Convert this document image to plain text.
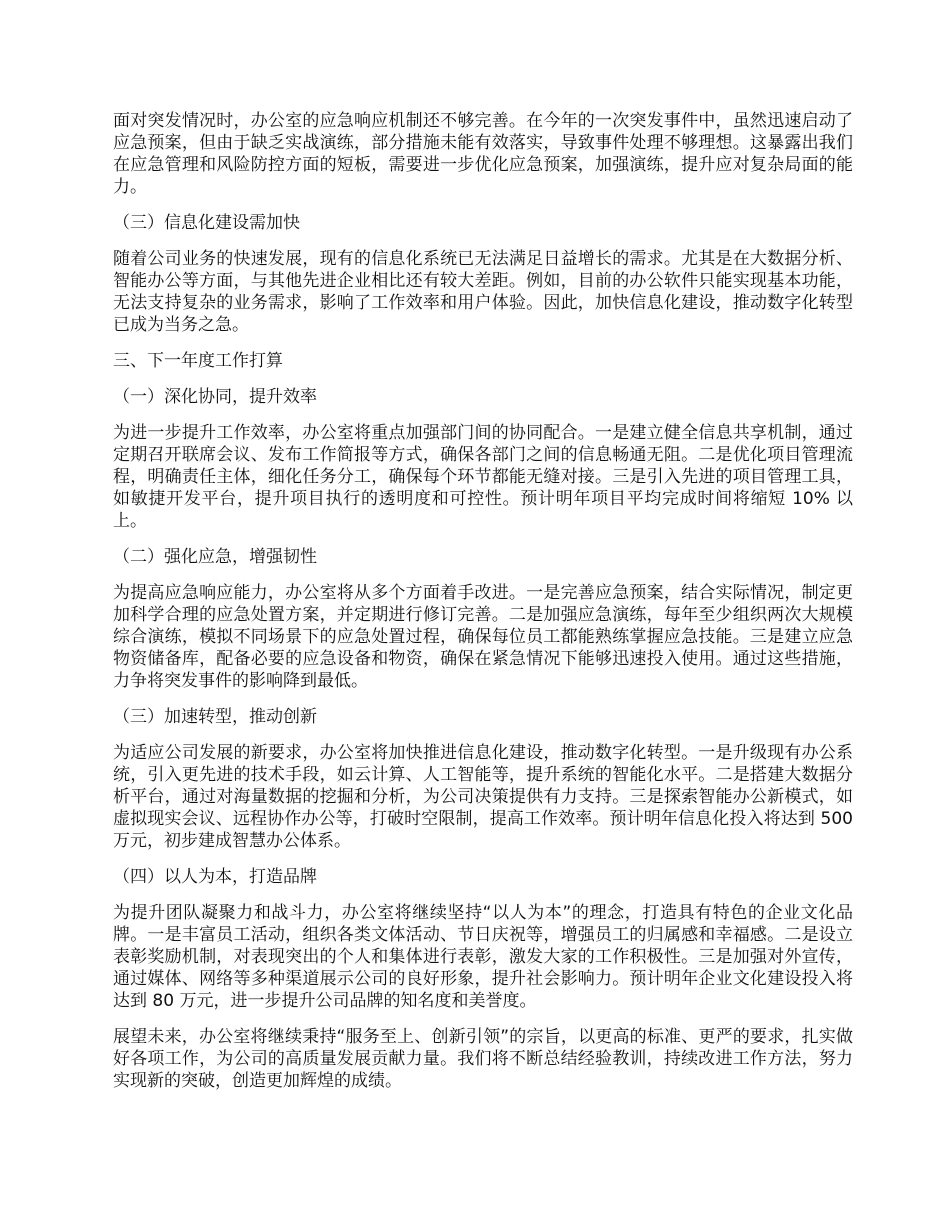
面对突发情况时，办公室的应急响应机制还不够完善。在今年的一次突发事件中，虽然迅速启动了应急预案，但由于缺乏实战演练，部分措施未能有效落实，导致事件处理不够理想。这暴露出我们在应急管理和风险防控方面的短板，需要进一步优化应急预案，加强演练，提升应对复杂局面的能力。

（三）信息化建设需加快

随着公司业务的快速发展，现有的信息化系统已无法满足日益增长的需求。尤其是在大数据分析、智能办公等方面，与其他先进企业相比还有较大差距。例如，目前的办公软件只能实现基本功能，无法支持复杂的业务需求，影响了工作效率和用户体验。因此，加快信息化建设，推动数字化转型已成为当务之急。

三、下一年度工作打算

（一）深化协同，提升效率

为进一步提升工作效率，办公室将重点加强部门间的协同配合。一是建立健全信息共享机制，通过定期召开联席会议、发布工作简报等方式，确保各部门之间的信息畅通无阻。二是优化项目管理流程，明确责任主体，细化任务分工，确保每个环节都能无缝对接。三是引入先进的项目管理工具，如敏捷开发平台，提升项目执行的透明度和可控性。预计明年项目平均完成时间将缩短 10% 以上。

（二）强化应急，增强韧性

为提高应急响应能力，办公室将从多个方面着手改进。一是完善应急预案，结合实际情况，制定更加科学合理的应急处置方案，并定期进行修订完善。二是加强应急演练，每年至少组织两次大规模综合演练，模拟不同场景下的应急处置过程，确保每位员工都能熟练掌握应急技能。三是建立应急物资储备库，配备必要的应急设备和物资，确保在紧急情况下能够迅速投入使用。通过这些措施，力争将突发事件的影响降到最低。

（三）加速转型，推动创新

为适应公司发展的新要求，办公室将加快推进信息化建设，推动数字化转型。一是升级现有办公系统，引入更先进的技术手段，如云计算、人工智能等，提升系统的智能化水平。二是搭建大数据分析平台，通过对海量数据的挖掘和分析，为公司决策提供有力支持。三是探索智能办公新模式，如虚拟现实会议、远程协作办公等，打破时空限制，提高工作效率。预计明年信息化投入将达到 500 万元，初步建成智慧办公体系。

（四）以人为本，打造品牌

为提升团队凝聚力和战斗力，办公室将继续坚持“以人为本”的理念，打造具有特色的企业文化品牌。一是丰富员工活动，组织各类文体活动、节日庆祝等，增强员工的归属感和幸福感。二是设立表彰奖励机制，对表现突出的个人和集体进行表彰，激发大家的工作积极性。三是加强对外宣传，通过媒体、网络等多种渠道展示公司的良好形象，提升社会影响力。预计明年企业文化建设投入将达到 80 万元，进一步提升公司品牌的知名度和美誉度。

展望未来，办公室将继续秉持“服务至上、创新引领”的宗旨，以更高的标准、更严的要求，扎实做好各项工作，为公司的高质量发展贡献力量。我们将不断总结经验教训，持续改进工作方法，努力实现新的突破，创造更加辉煌的成绩。
